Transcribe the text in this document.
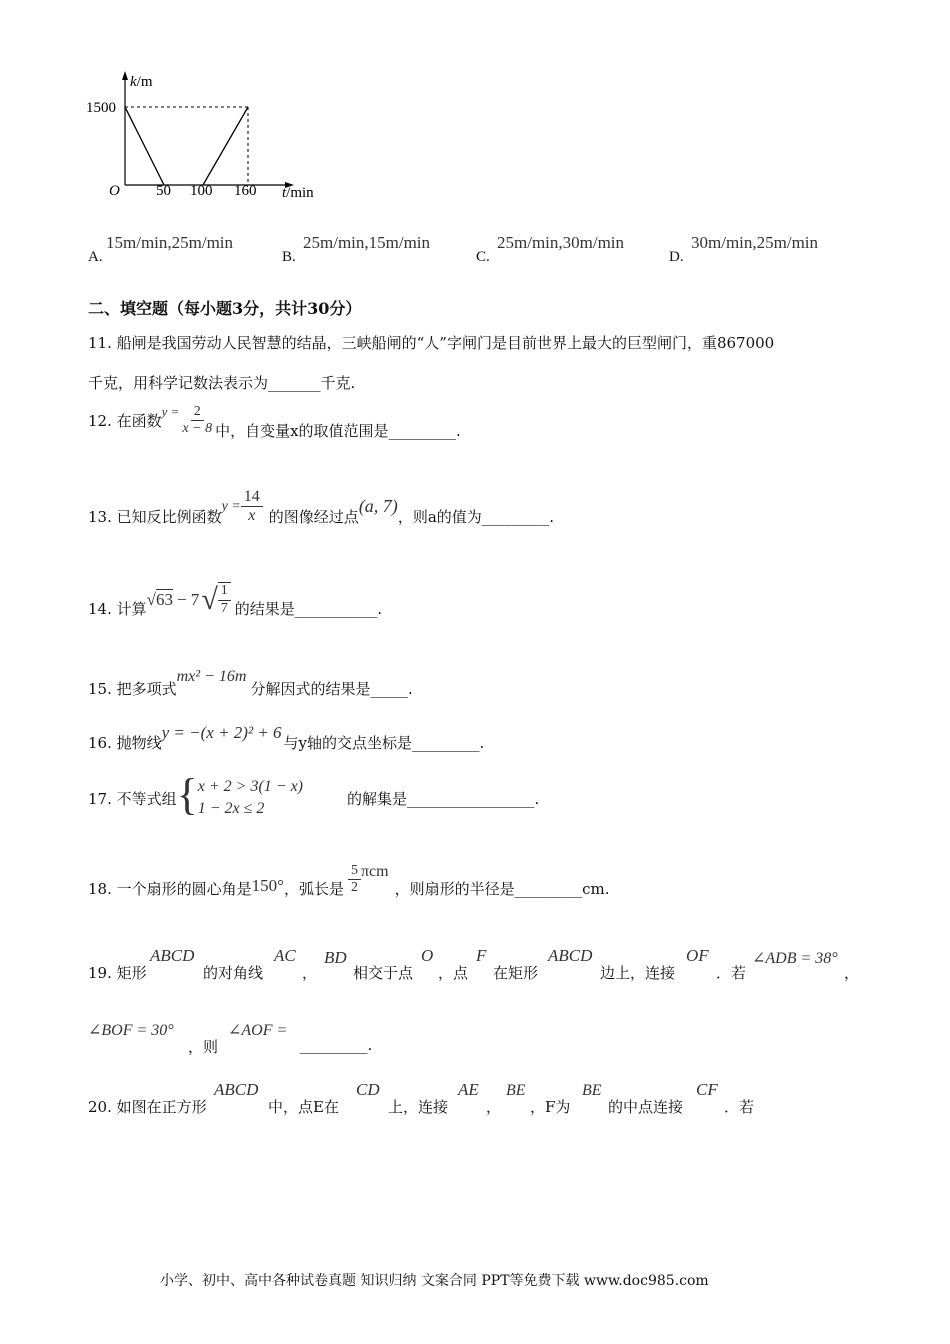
k/m
1500
O 50 100 160 t/min
A.
15m/min,25m/min
B.
25m/min,15m/min
C.
25m/min,30m/min
D.
30m/min,25m/min
二、填空题（每小题3分，共计30分）
11. 船闸是我国劳动人民智慧的结晶，三峡船闸的“人”字闸门是目前世界上最大的巨型闸门，重867000
千克，用科学记数法表示为_______千克.
12. 在函数
$y = \frac{2}{x - 8}$ 中，自变量x的取值范围是_________.
13. 已知反比例函数
$y = \frac{14}{x}$ 的图像经过点
(a, 7)
，则a的值为_________.
14. 计算
√63 − 7 √ $\frac{1}{7}$ 的结果是___________.
15. 把多项式
mx² − 16m
分解因式的结果是_____.
16. 抛物线
y = −(x + 2)² + 6
与y轴的交点坐标是_________.
17. 不等式组 { x + 2 > 3(1 − x)
1 − 2x ≤ 2
的解集是_________________.
18. 一个扇形的圆心角是 150° ，弧长是 $\frac{5}{2}$ πcm
，则扇形的半径是_________cm.
19. 矩形
ABCD
的对角线
AC
，
BD
相交于点
O
，点
F
在矩形
ABCD
边上，连接
OF
．若
∠ADB = 38°
，
∠BOF = 30°
，则
∠AOF =
_________.
20. 如图在正方形
ABCD
中，点E在
CD
上，连接
AE
，
BE
，F为
BE
的中点连接
CF
．若
小学、初中、高中各种试卷真题 知识归纳 文案合同 PPT等免费下载 www.doc985.com
